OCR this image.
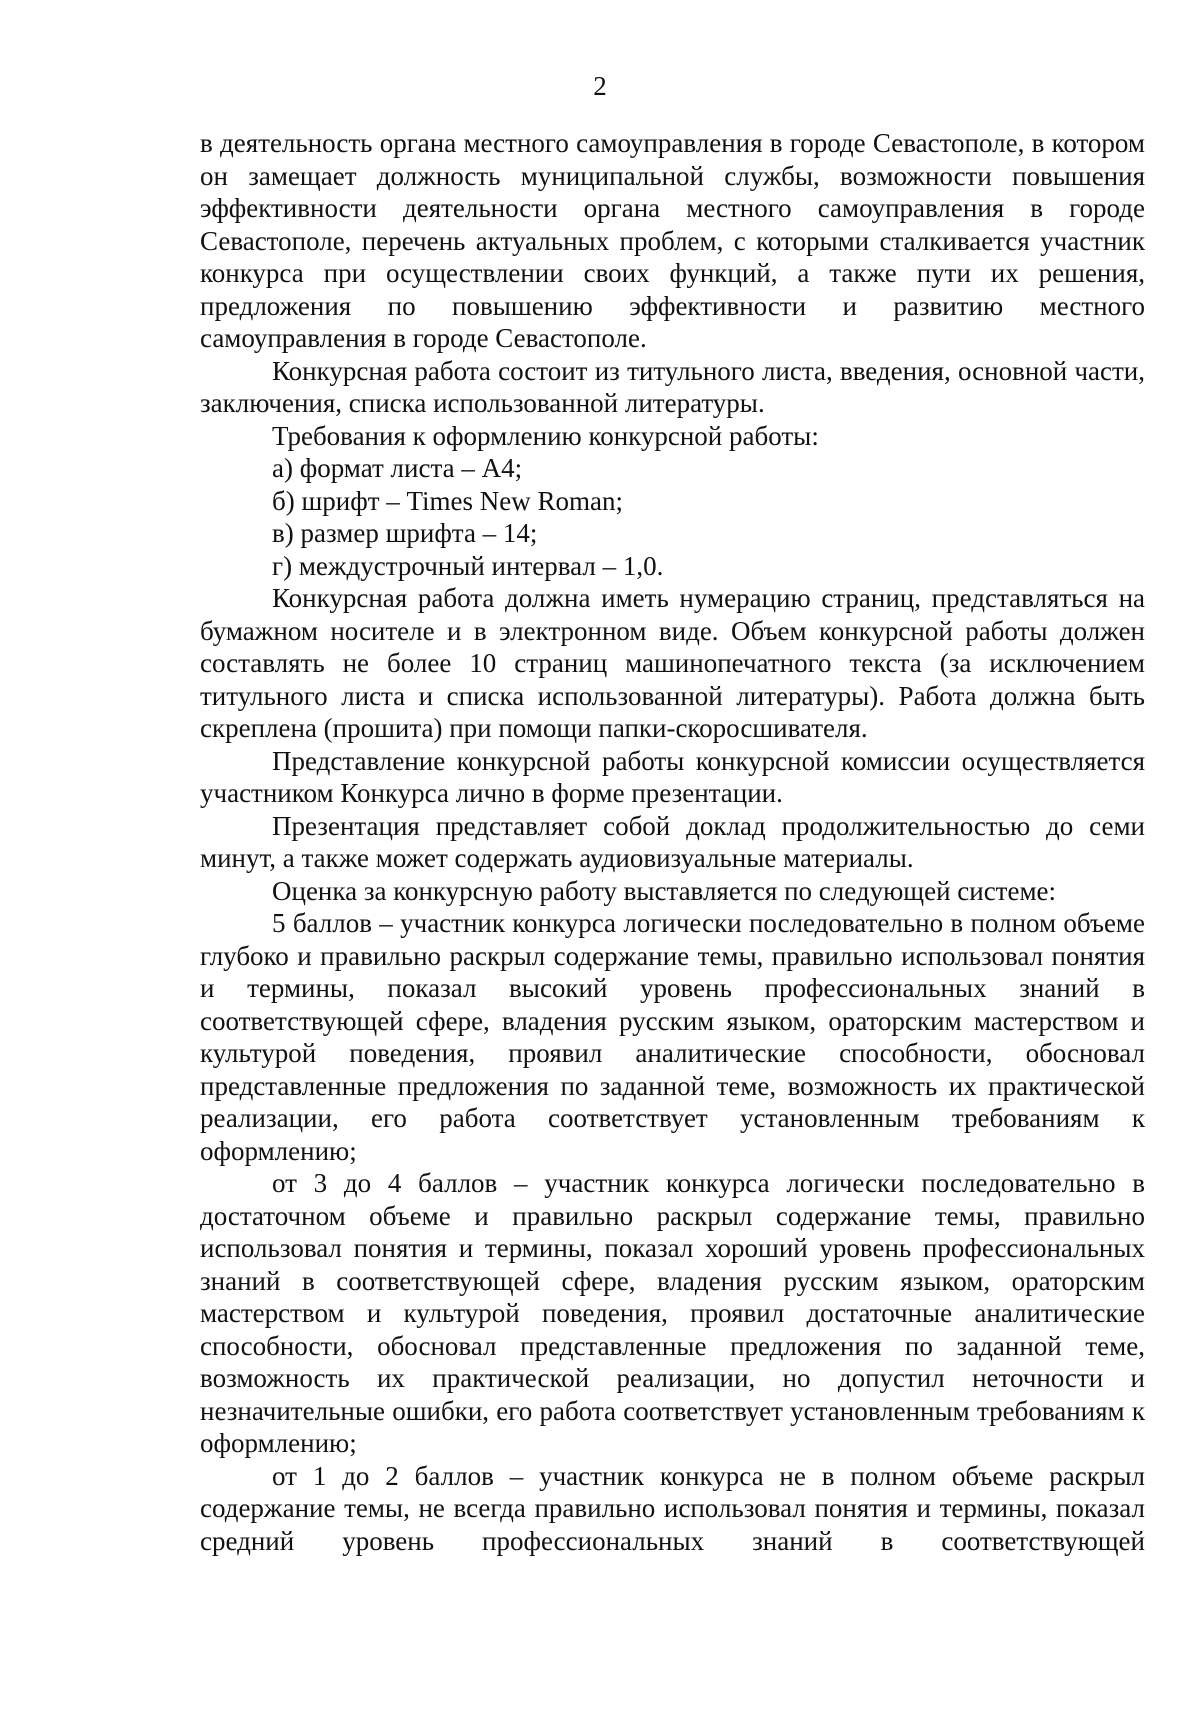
2

в деятельность органа местного самоуправления в городе Севастополе, в котором он замещает должность муниципальной службы, возможности повышения эффективности деятельности органа местного самоуправления в городе Севастополе, перечень актуальных проблем, с которыми сталкивается участник конкурса при осуществлении своих функций, а также пути их решения, предложения по повышению эффективности и развитию местного самоуправления в городе Севастополе.

Конкурсная работа состоит из титульного листа, введения, основной части, заключения, списка использованной литературы.

Требования к оформлению конкурсной работы:

а) формат листа – А4;

б) шрифт – Times New Roman;

в) размер шрифта – 14;

г) междустрочный интервал – 1,0.

Конкурсная работа должна иметь нумерацию страниц, представляться на бумажном носителе и в электронном виде. Объем конкурсной работы должен составлять не более 10 страниц машинопечатного текста (за исключением титульного листа и списка использованной литературы). Работа должна быть скреплена (прошита) при помощи папки-скоросшивателя.

Представление конкурсной работы конкурсной комиссии осуществляется участником Конкурса лично в форме презентации.

Презентация представляет собой доклад продолжительностью до семи минут, а также может содержать аудиовизуальные материалы.

Оценка за конкурсную работу выставляется по следующей системе:

5 баллов – участник конкурса логически последовательно в полном объеме глубоко и правильно раскрыл содержание темы, правильно использовал понятия и термины, показал высокий уровень профессиональных знаний в соответствующей сфере, владения русским языком, ораторским мастерством и культурой поведения, проявил аналитические способности, обосновал представленные предложения по заданной теме, возможность их практической реализации, его работа соответствует установленным требованиям к оформлению;

от 3 до 4 баллов – участник конкурса логически последовательно в достаточном объеме и правильно раскрыл содержание темы, правильно использовал понятия и термины, показал хороший уровень профессиональных знаний в соответствующей сфере, владения русским языком, ораторским мастерством и культурой поведения, проявил достаточные аналитические способности, обосновал представленные предложения по заданной теме, возможность их практической реализации, но допустил неточности и незначительные ошибки, его работа соответствует установленным требованиям к оформлению;

от 1 до 2 баллов – участник конкурса не в полном объеме раскрыл содержание темы, не всегда правильно использовал понятия и термины, показал средний уровень профессиональных знаний в соответствующей
